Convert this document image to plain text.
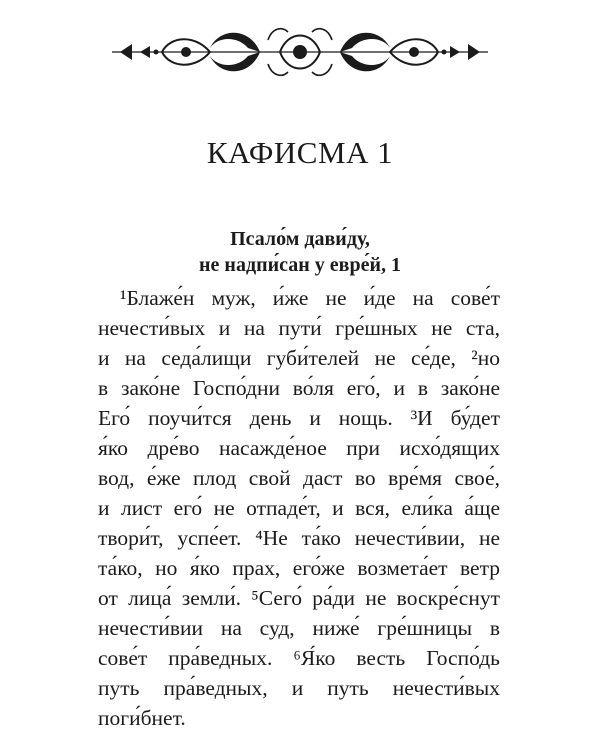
КАФИСМА 1
Псало́м дави́ду,
не надпи́сан у евре́й, 1
¹Блаже́н муж, и́же не и́де на сове́т
нечести́вых и на пути́ гре́шных не ста,
и на седа́лищи губи́телей не се́де, ²но
в зако́не Госпо́дни во́ля его́, и в зако́не
Его́ поучи́тся день и нощь. ³И бу́дет
я́ко дре́во насажде́ное при исхо́дящих
вод, е́же плод свой даст во вре́мя свое́,
и лист его́ не отпаде́т, и вся, ели́ка а́ще
твори́т, успе́ет. ⁴Не та́ко нечести́вии, не
та́ко, но я́ко прах, его́же возмета́ет ветр
от лица́ земли́. ⁵Сего́ ра́ди не воскре́снут
нечести́вии на суд, ниже́ гре́шницы в
сове́т пра́ведных. ⁶Я́ко весть Госпо́дь
путь пра́ведных, и путь нечести́вых
поги́бнет.
